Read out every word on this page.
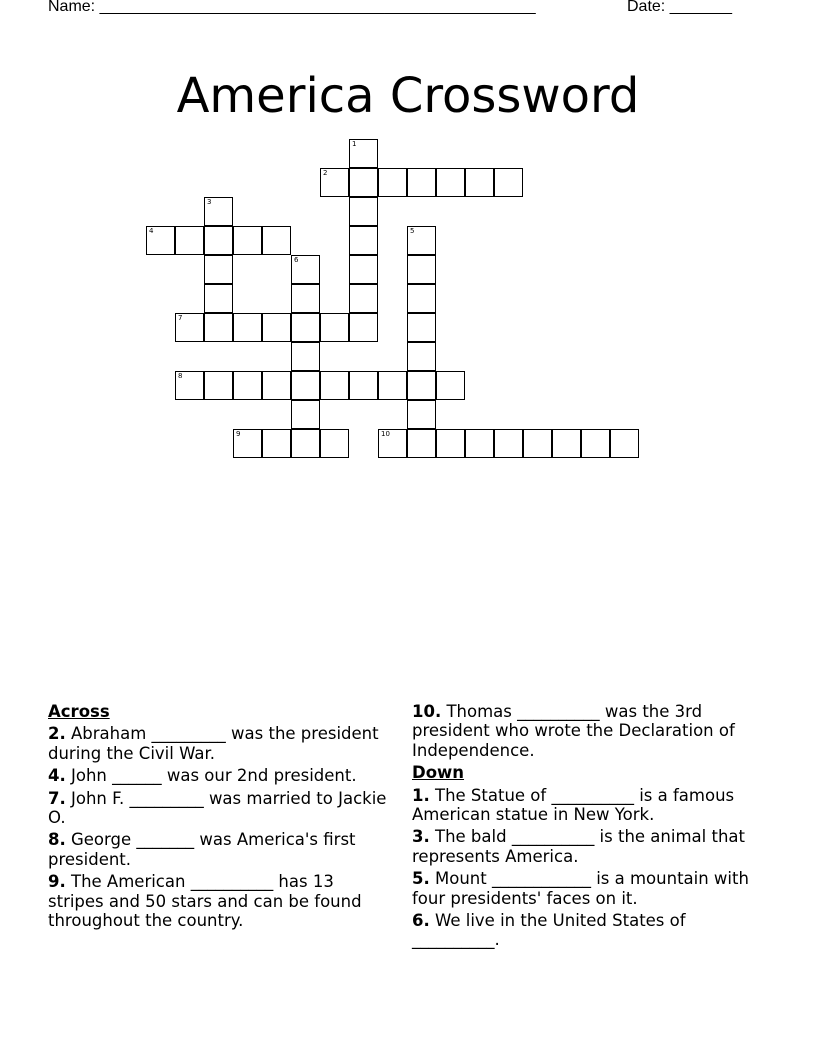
Name: _________________________________________________	Date: _______
America Crossword
1
2
3
4	5
6
7
8
9	10
Across
2. Abraham _________ was the president during the Civil War.
4. John ______ was our 2nd president.
7. John F. _________ was married to Jackie O.
8. George _______ was America's first president.
9. The American __________ has 13 stripes and 50 stars and can be found throughout the country.
10. Thomas __________ was the 3rd president who wrote the Declaration of Independence.
Down
1. The Statue of __________ is a famous American statue in New York.
3. The bald __________ is the animal that represents America.
5. Mount ____________ is a mountain with four presidents' faces on it.
6. We live in the United States of __________.
